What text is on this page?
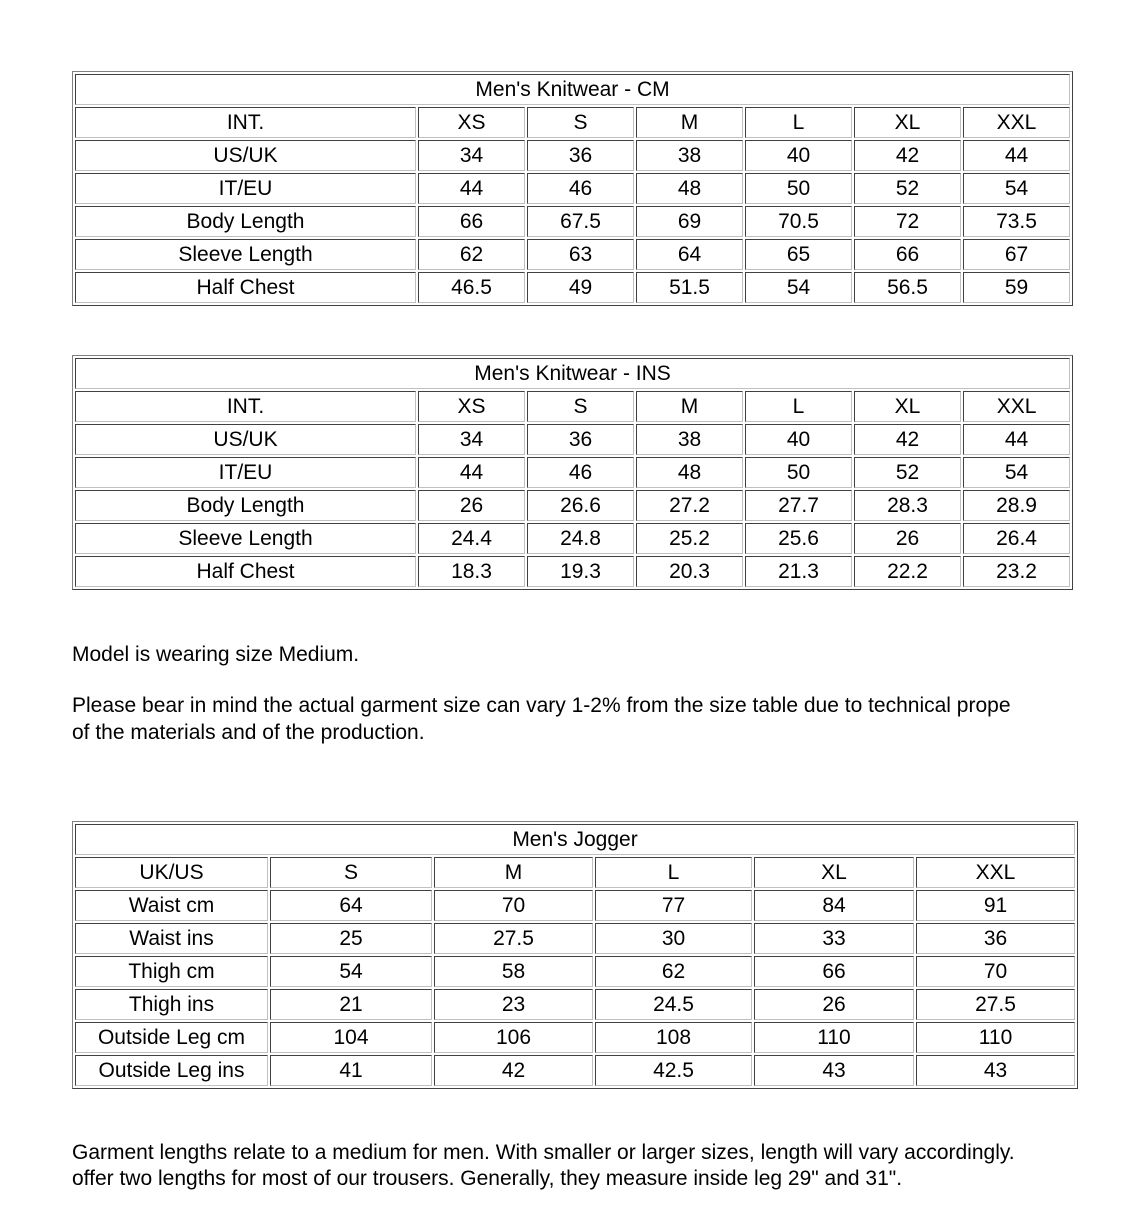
Men's Knitwear - CM						
INT.	XS	S	M	L	XL	XXL
US/UK	34	36	38	40	42	44
IT/EU	44	46	48	50	52	54
Body Length	66	67.5	69	70.5	72	73.5
Sleeve Length	62	63	64	65	66	67
Half Chest	46.5	49	51.5	54	56.5	59
Men's Knitwear - INS						
INT.	XS	S	M	L	XL	XXL
US/UK	34	36	38	40	42	44
IT/EU	44	46	48	50	52	54
Body Length	26	26.6	27.2	27.7	28.3	28.9
Sleeve Length	24.4	24.8	25.2	25.6	26	26.4
Half Chest	18.3	19.3	20.3	21.3	22.2	23.2

Model is wearing size Medium.

Please bear in mind the actual garment size can vary 1-2% from the size table due to technical prope

of the materials and of the production.

Men's Jogger					
UK/US	S	M	L	XL	XXL
Waist cm	64	70	77	84	91
Waist ins	25	27.5	30	33	36
Thigh cm	54	58	62	66	70
Thigh ins	21	23	24.5	26	27.5
Outside Leg cm	104	106	108	110	110
Outside Leg ins	41	42	42.5	43	43

Garment lengths relate to a medium for men. With smaller or larger sizes, length will vary accordingly.

offer two lengths for most of our trousers. Generally, they measure inside leg 29" and 31".
